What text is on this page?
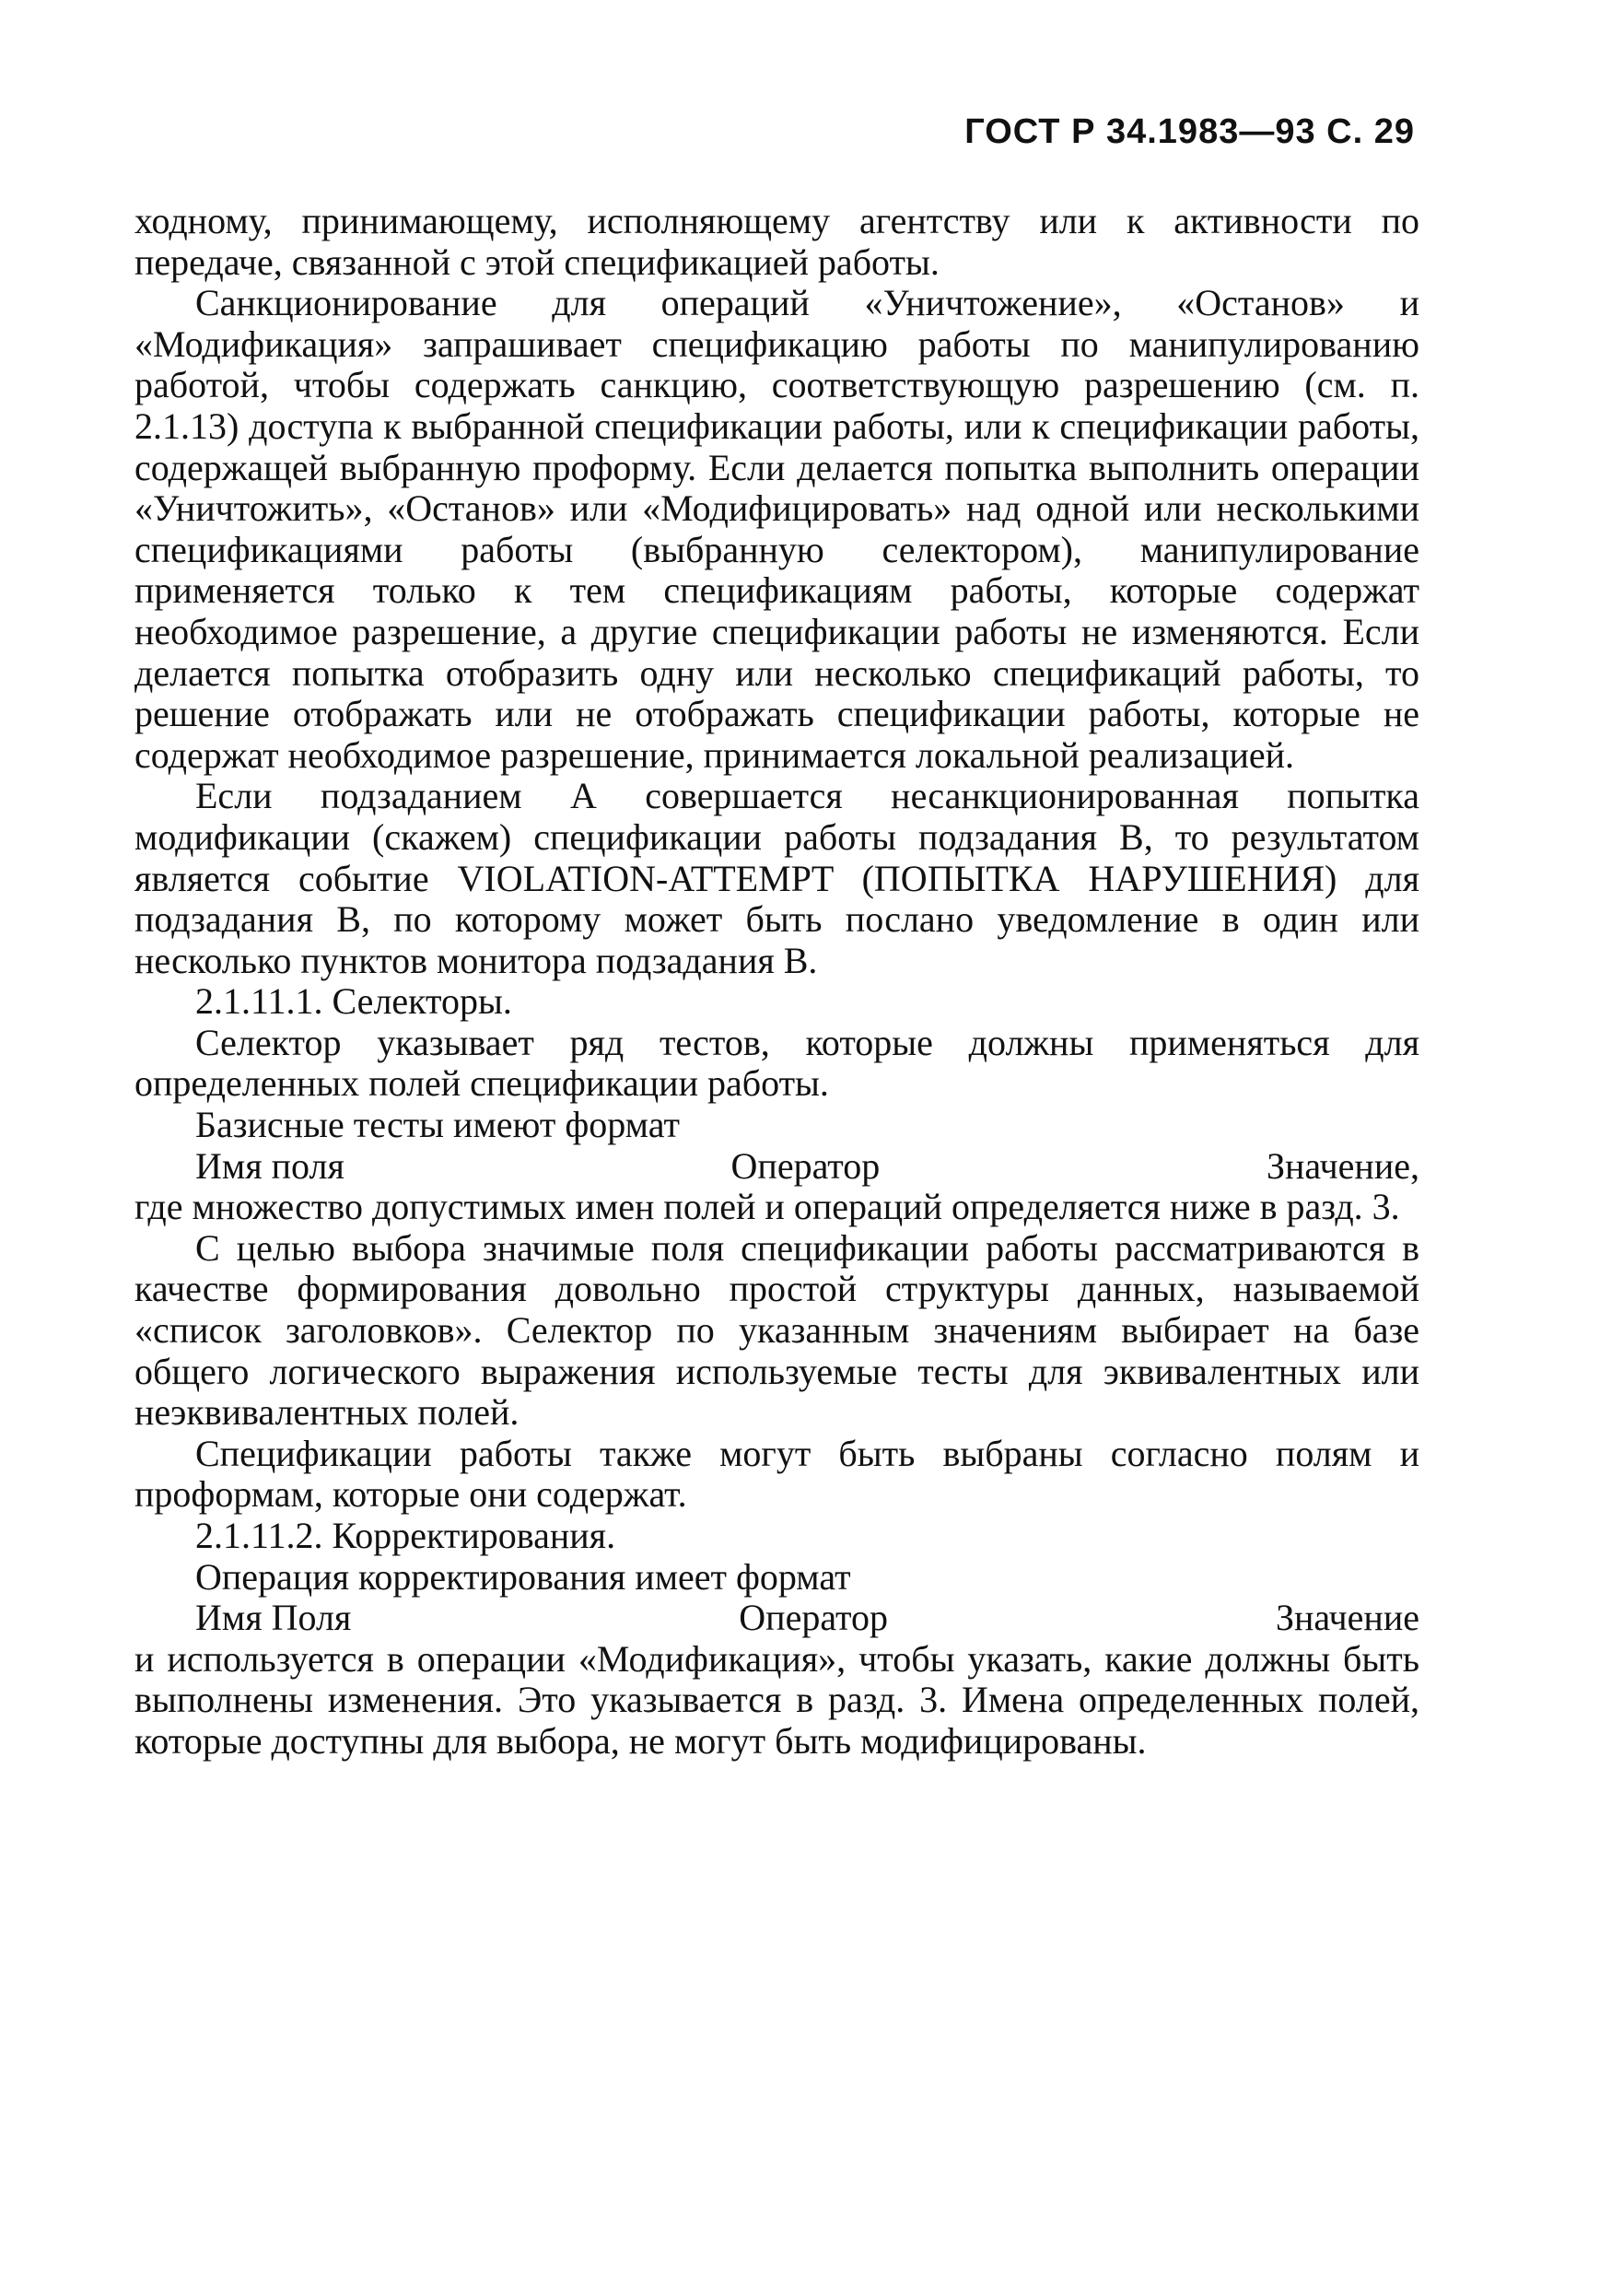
ГОСТ Р 34.1983—93 С. 29

ходному, принимающему, исполняющему агентству или к активности по передаче, связанной с этой спецификацией работы.

Санкционирование для операций «Уничтожение», «Останов» и «Модификация» запрашивает спецификацию работы по манипулированию работой, чтобы содержать санкцию, соответствующую разрешению (см. п. 2.1.13) доступа к выбранной спецификации работы, или к спецификации работы, содержащей выбранную проформу. Если делается попытка выполнить операции «Уничтожить», «Останов» или «Модифицировать» над одной или несколькими спецификациями работы (выбранную селектором), манипулирование применяется только к тем спецификациям работы, которые содержат необходимое разрешение, а другие спецификации работы не изменяются. Если делается попытка отобразить одну или несколько спецификаций работы, то решение отображать или не отображать спецификации работы, которые не содержат необходимое разрешение, принимается локальной реализацией.

Если подзаданием А совершается несанкционированная попытка модификации (скажем) спецификации работы подзадания В, то результатом является событие VIOLATION-ATTEMPT (ПОПЫТКА НАРУШЕНИЯ) для подзадания В, по которому может быть послано уведомление в один или несколько пунктов монитора подзадания В.

2.1.11.1. Селекторы.

Селектор указывает ряд тестов, которые должны применяться для определенных полей спецификации работы.

Базисные тесты имеют формат

Имя поля	Оператор	Значение,

где множество допустимых имен полей и операций определяется ниже в разд. 3.

С целью выбора значимые поля спецификации работы рассматриваются в качестве формирования довольно простой структуры данных, называемой «список заголовков». Селектор по указанным значениям выбирает на базе общего логического выражения используемые тесты для эквивалентных или неэквивалентных полей.

Спецификации работы также могут быть выбраны согласно полям и проформам, которые они содержат.

2.1.11.2. Корректирования.

Операция корректирования имеет формат

Имя Поля	Оператор	Значение

и используется в операции «Модификация», чтобы указать, какие должны быть выполнены изменения. Это указывается в разд. 3. Имена определенных полей, которые доступны для выбора, не могут быть модифицированы.
